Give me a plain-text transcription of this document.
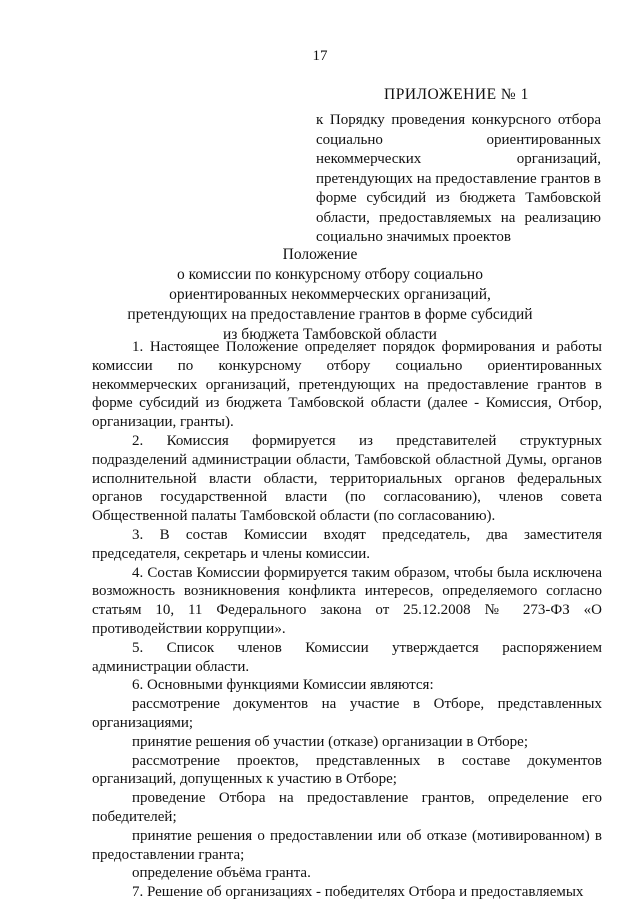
17
ПРИЛОЖЕНИЕ № 1
к Порядку проведения конкурсного отбора социально ориентированных некоммерческих организаций, претендующих на предоставление грантов в форме субсидий из бюджета Тамбовской области, предоставляемых на реализацию социально значимых проектов
Положение
о комиссии по конкурсному отбору социально ориентированных некоммерческих организаций, претендующих на предоставление грантов в форме субсидий из бюджета Тамбовской области

1. Настоящее Положение определяет порядок формирования и работы комиссии по конкурсному отбору социально ориентированных некоммерческих организаций, претендующих на предоставление грантов в форме субсидий из бюджета Тамбовской области (далее - Комиссия, Отбор, организации, гранты).

2. Комиссия формируется из представителей структурных подразделений администрации области, Тамбовской областной Думы, органов исполнительной власти области, территориальных органов федеральных органов государственной власти (по согласованию), членов совета Общественной палаты Тамбовской области (по согласованию).

3. В состав Комиссии входят председатель, два заместителя председателя, секретарь и члены комиссии.

4. Состав Комиссии формируется таким образом, чтобы была исключена возможность возникновения конфликта интересов, определяемого согласно статьям 10, 11 Федерального закона от 25.12.2008 № 273-ФЗ «О противодействии коррупции».

5. Список членов Комиссии утверждается распоряжением администрации области.

6. Основными функциями Комиссии являются:

рассмотрение документов на участие в Отборе, представленных организациями;

принятие решения об участии (отказе) организации в Отборе;

рассмотрение проектов, представленных в составе документов организаций, допущенных к участию в Отборе;

проведение Отбора на предоставление грантов, определение его победителей;

принятие решения о предоставлении или об отказе (мотивированном) в предоставлении гранта;

определение объёма гранта.

7. Решение об организациях - победителях Отбора и предоставляемых
